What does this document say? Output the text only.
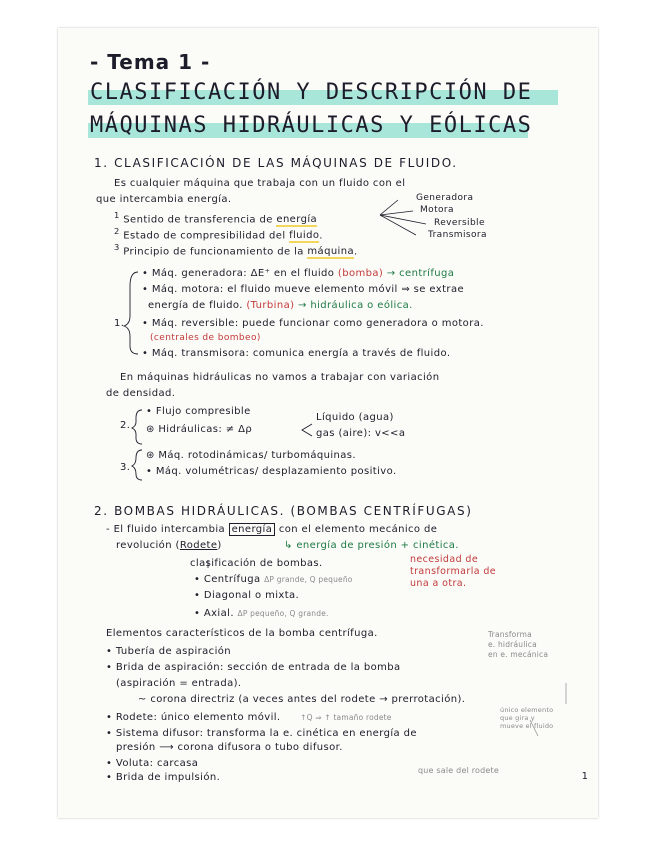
- Tema 1 -
CLASIFICACIÓN Y DESCRIPCIÓN DE
MÁQUINAS HIDRÁULICAS Y EÓLICAS
1. CLASIFICACIÓN DE LAS MÁQUINAS DE FLUIDO.
Es cualquier máquina que trabaja con un fluido con el
que intercambia energía.
$^1$ Sentido de transferencia de energía
$^2$ Estado de compresibilidad del fluido.
$^3$ Principio de funcionamiento de la máquina.
Generadora
Motora
Reversible
Transmisora
1.
• Máq. generadora: ΔE⁺ en el fluido (bomba) → centrífuga
• Máq. motora: el fluido mueve elemento móvil ⇒ se extrae
energía de fluido. (Turbina) → hidráulica o eólica.
• Máq. reversible: puede funcionar como generadora o motora.
(centrales de bombeo)
• Máq. transmisora: comunica energía a través de fluido.
En máquinas hidráulicas no vamos a trabajar con variación
de densidad.
2.
• Flujo compresible
⊛ Hidráulicas: ≠ Δρ
Líquido (agua)
gas (aire): v<<a
3.
⊛ Máq. rotodinámicas/ turbomáquinas.
• Máq. volumétricas/ desplazamiento positivo.
2. BOMBAS HIDRÁULICAS. (BOMBAS CENTRÍFUGAS)
- El fluido intercambia energía con el elemento mecánico de
revolución (Rodete)	↳ energía de presión + cinética.
necesidad de
transformarla de
una a otra.
clasificación de bombas.
• Centrífuga ΔP grande, Q pequeño
• Diagonal o mixta.
• Axial. ΔP pequeño, Q grande.
Elementos característicos de la bomba centrífuga.	Transforma
e. hidráulica
en e. mecánica
• Tubería de aspiración
• Brida de aspiración: sección de entrada de la bomba
(aspiración = entrada).
~ corona directriz (a veces antes del rodete → prerrotación).
• Rodete: único elemento móvil.	↑Q ⇒ ↑ tamaño rodete
único elemento
que gira y
mueve el fluido
• Sistema difusor: transforma la e. cinética en energía de
presión ⟶ corona difusora o tubo difusor.
• Voluta: carcasa
• Brida de impulsión.
que sale del rodete
1
